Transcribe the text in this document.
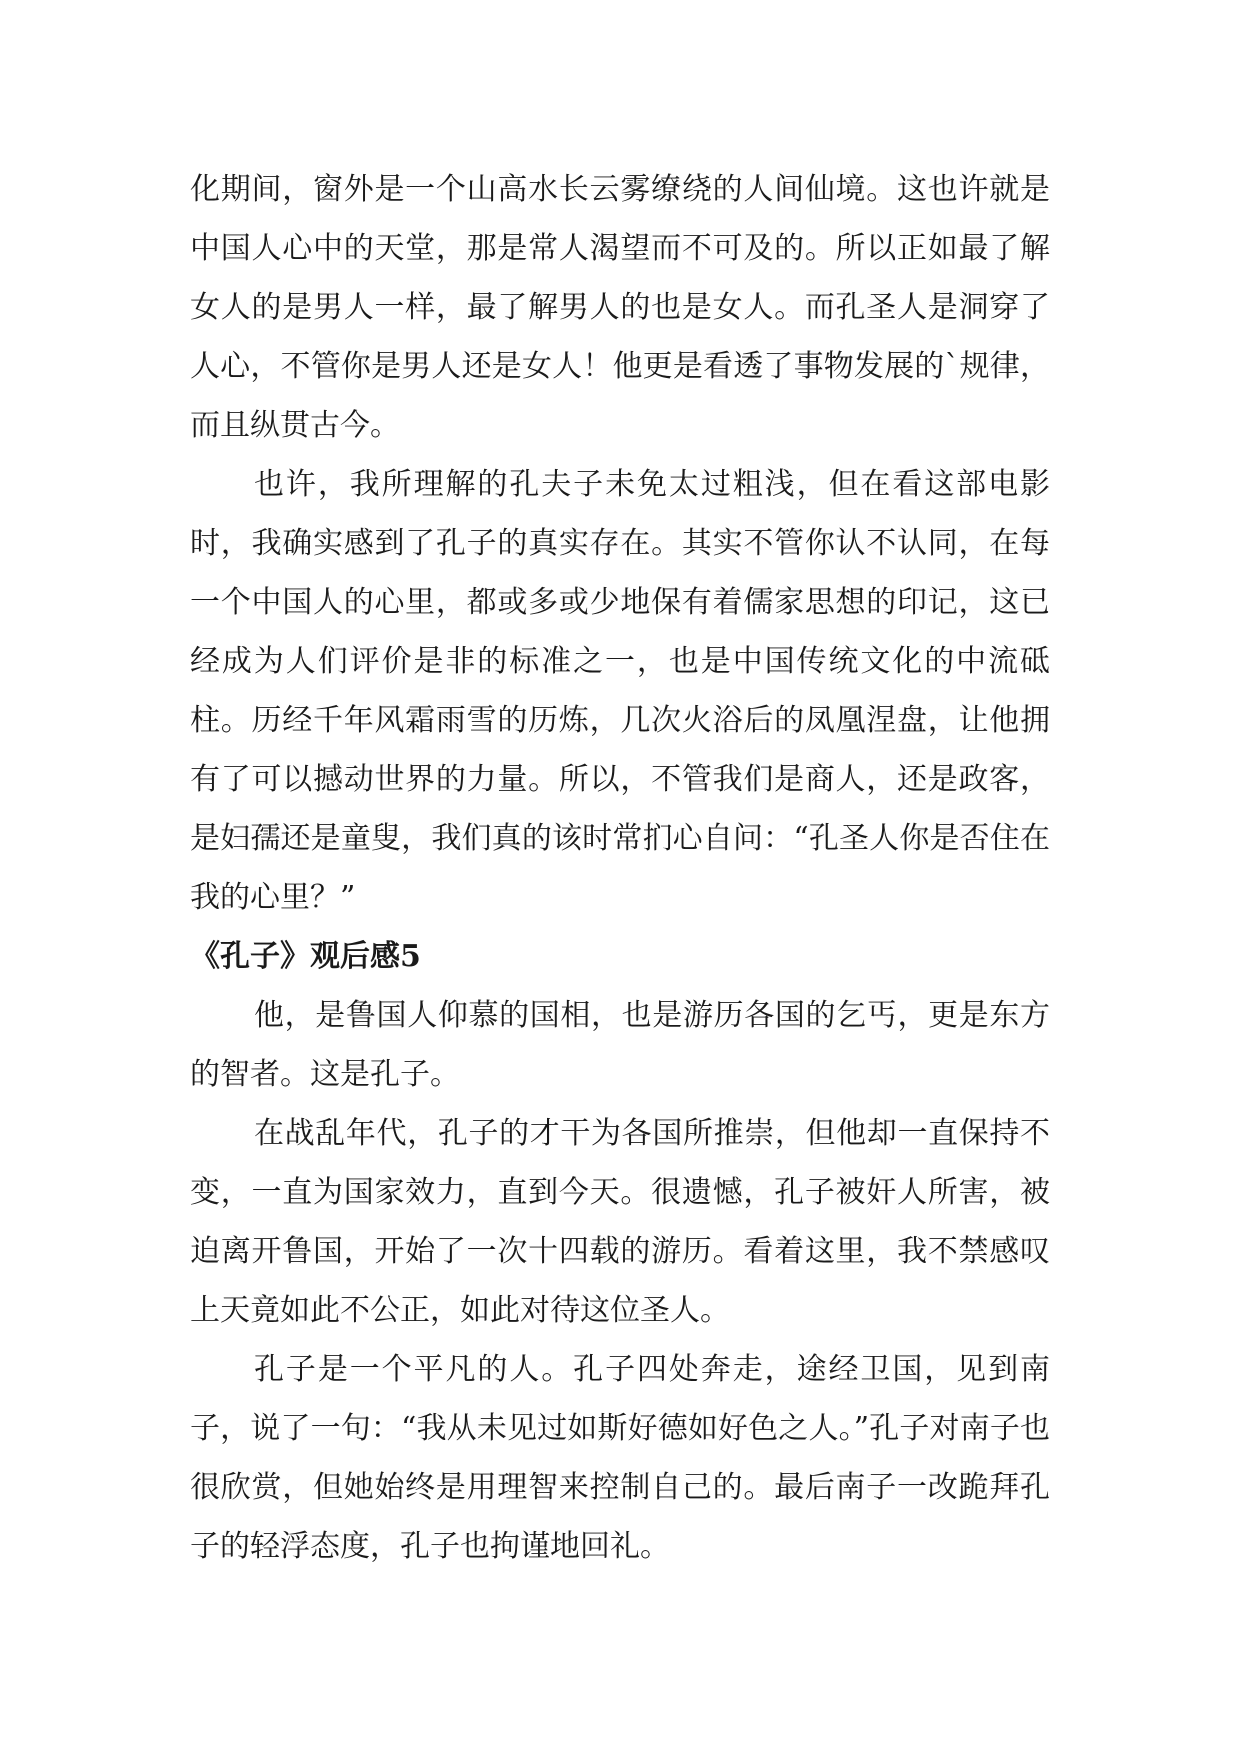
化期间，窗外是一个山高水长云雾缭绕的人间仙境。这也许就是中国人心中的天堂，那是常人渴望而不可及的。所以正如最了解女人的是男人一样，最了解男人的也是女人。而孔圣人是洞穿了人心，不管你是男人还是女人！他更是看透了事物发展的`规律，而且纵贯古今。

也许，我所理解的孔夫子未免太过粗浅，但在看这部电影时，我确实感到了孔子的真实存在。其实不管你认不认同，在每一个中国人的心里，都或多或少地保有着儒家思想的印记，这已经成为人们评价是非的标准之一，也是中国传统文化的中流砥柱。历经千年风霜雨雪的历炼，几次火浴后的凤凰涅盘，让他拥有了可以撼动世界的力量。所以，不管我们是商人，还是政客，是妇孺还是童叟，我们真的该时常扪心自问：“孔圣人你是否住在我的心里？”

《孔子》观后感5

他，是鲁国人仰慕的国相，也是游历各国的乞丐，更是东方的智者。这是孔子。

在战乱年代，孔子的才干为各国所推崇，但他却一直保持不变，一直为国家效力，直到今天。很遗憾，孔子被奸人所害，被迫离开鲁国，开始了一次十四载的游历。看着这里，我不禁感叹上天竟如此不公正，如此对待这位圣人。

孔子是一个平凡的人。孔子四处奔走，途经卫国，见到南子，说了一句：“我从未见过如斯好德如好色之人。”孔子对南子也很欣赏，但她始终是用理智来控制自己的。最后南子一改跪拜孔子的轻浮态度，孔子也拘谨地回礼。
